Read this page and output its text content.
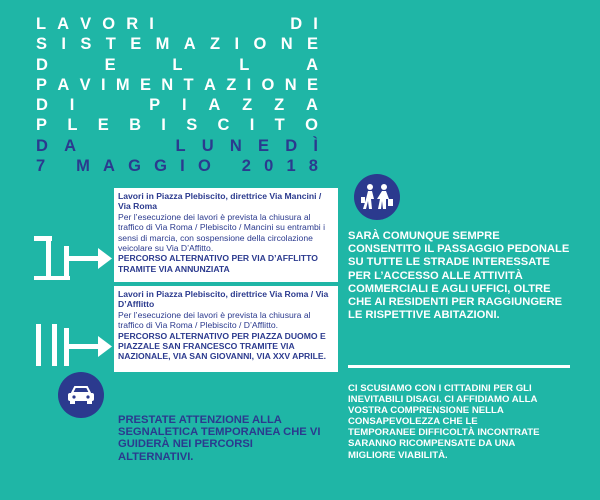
L A V O R I

	D I
S I S T E M A Z I O N E
D	E	L	L	A
P A V I M E N T A Z I O N E
D I

	P I A Z Z A
P L E B I S C I T O
D A

	L U N E D Ì
7
M A G G I O
2 0 1 8
Lavori in Piazza Plebiscito, direttrice Via Mancini / Via Roma
Per l’esecuzione dei lavori è prevista la chiusura al traffico di Via Roma / Plebiscito / Mancini su entrambi i sensi di marcia, con sospensione della circolazione veicolare su Via D’Affitto.
PERCORSO ALTERNATIVO PER VIA D’AFFLITTO TRAMITE VIA ANNUNZIATA
Lavori in Piazza Plebiscito, direttrice Via Roma / Via D’Afflitto
Per l’esecuzione dei lavori è prevista la chiusura al traffico di Via Roma / Plebiscito / D’Afflitto.
PERCORSO ALTERNATIVO PER PIAZZA DUOMO E PIAZZALE SAN FRANCESCO TRAMITE VIA NAZIONALE, VIA SAN GIOVANNI, VIA XXV APRILE.
PRESTATE ATTENZIONE ALLA SEGNALETICA TEMPORANEA CHE VI GUIDERÀ NEI PERCORSI ALTERNATIVI.
SARÀ COMUNQUE SEMPRE CONSENTITO IL PASSAGGIO PEDONALE SU TUTTE LE STRADE INTERESSATE PER L’ACCESSO ALLE ATTIVITÀ COMMERCIALI E AGLI UFFICI, OLTRE CHE AI RESIDENTI PER RAGGIUNGERE LE RISPETTIVE ABITAZIONI.
CI SCUSIAMO CON I CITTADINI PER GLI INEVITABILI DISAGI. CI AFFIDIAMO ALLA VOSTRA COMPRENSIONE NELLA CONSAPEVOLEZZA CHE LE TEMPORANEE DIFFICOLTÀ INCONTRATE SARANNO RICOMPENSATE DA UNA MIGLIORE VIABILITÀ.
